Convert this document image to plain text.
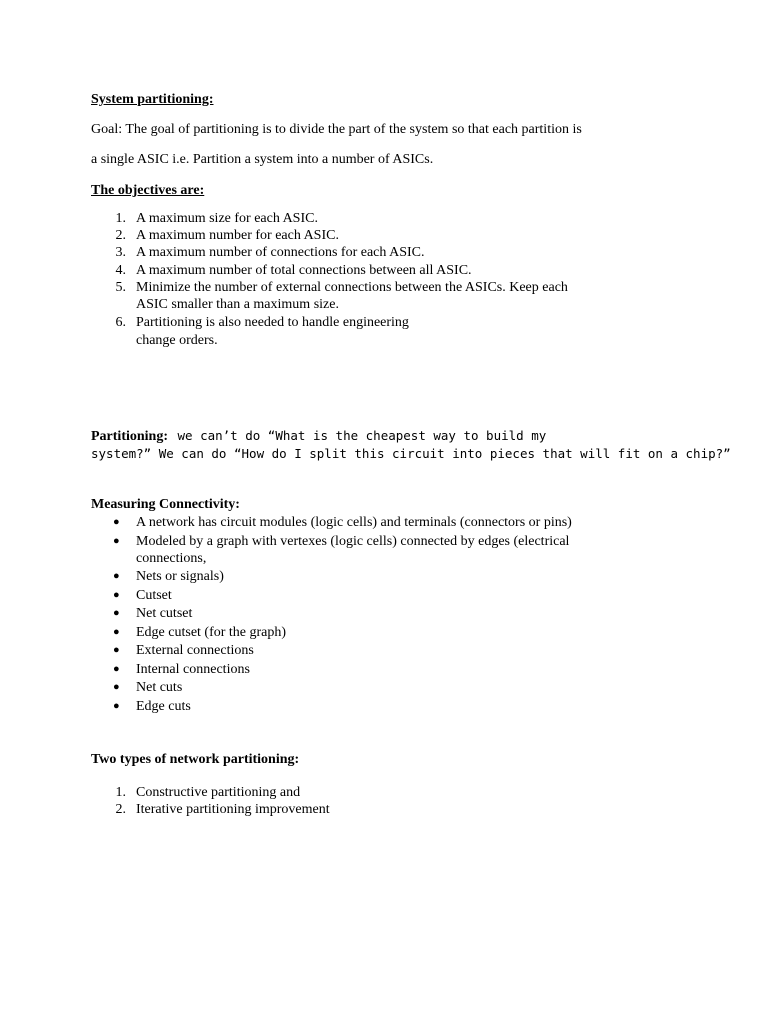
System partitioning:
Goal: The goal of partitioning is to divide the part of the system so that each partition is
a single ASIC i.e. Partition a system into a number of ASICs.
The objectives are:
1. A maximum size for each ASIC.
2. A maximum number for each ASIC.
3. A maximum number of connections for each ASIC.
4. A maximum number of total connections between all ASIC.
5. Minimize the number of external connections between the ASICs. Keep each
ASIC smaller than a maximum size.
6. Partitioning is also needed to handle engineering
change orders.
Partitioning: we can’t do “What is the cheapest way to build my
system?” We can do “How do I split this circuit into pieces that will fit on a chip?”
Measuring Connectivity:
● A network has circuit modules (logic cells) and terminals (connectors or pins)
● Modeled by a graph with vertexes (logic cells) connected by edges (electrical
connections,
● Nets or signals)
● Cutset
● Net cutset
● Edge cutset (for the graph)
● External connections
● Internal connections
● Net cuts
● Edge cuts
Two types of network partitioning:
1. Constructive partitioning and
2. Iterative partitioning improvement
